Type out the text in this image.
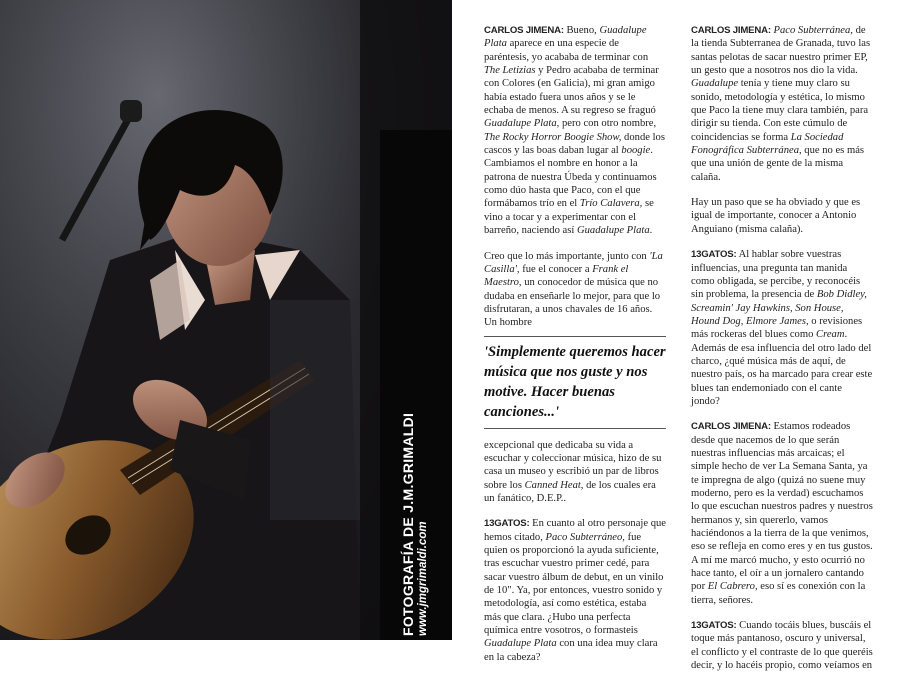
FOTOGRAFÍA DE J.M.GRIMALDI www.jmgrimaldi.com

CARLOS JIMENA: Bueno, Guadalupe Plata aparece en una especie de paréntesis, yo acababa de terminar con The Letizias y Pedro acababa de terminar con Colores (en Galicia), mi gran amigo había estado fuera unos años y se le echaba de menos. A su regreso se fraguó Guadalupe Plata, pero con otro nombre, The Rocky Horror Boogie Show, donde los cascos y las boas daban lugar al boogie. Cambiamos el nombre en honor a la patrona de nuestra Úbeda y continuamos como dúo hasta que Paco, con el que formábamos trío en el Trío Calavera, se vino a tocar y a experimentar con el barreño, naciendo así Guadalupe Plata.

Creo que lo más importante, junto con 'La Casilla', fue el conocer a Frank el Maestro, un conocedor de música que no dudaba en enseñarle lo mejor, para que lo disfrutaran, a unos chavales de 16 años. Un hombre

'Simplemente queremos hacer música que nos guste y nos motive. Hacer buenas canciones...'

excepcional que dedicaba su vida a escuchar y coleccionar música, hizo de su casa un museo y escribió un par de libros sobre los Canned Heat, de los cuales era un fanático, D.E.P..

13GATOS: En cuanto al otro personaje que hemos citado, Paco Subterráneo, fue quien os proporcionó la ayuda suficiente, tras escuchar vuestro primer cedé, para sacar vuestro álbum de debut, en un vinilo de 10". Ya, por entonces, vuestro sonido y metodología, así como estética, estaba más que clara. ¿Hubo una perfecta química entre vosotros, o formasteis Guadalupe Plata con una idea muy clara en la cabeza?

CARLOS JIMENA: Paco Subterránea, de la tienda Subterranea de Granada, tuvo las santas pelotas de sacar nuestro primer EP, un gesto que a nosotros nos dio la vida. Guadalupe tenía y tiene muy claro su sonido, metodología y estética, lo mismo que Paco la tiene muy clara también, para dirigir su tienda. Con este cúmulo de coincidencias se forma La Sociedad Fonográfica Subterránea, que no es más que una unión de gente de la misma calaña.

Hay un paso que se ha obviado y que es igual de importante, conocer a Antonio Anguiano (misma calaña).

13GATOS: Al hablar sobre vuestras influencias, una pregunta tan manida como obligada, se percibe, y reconocéis sin problema, la presencia de Bob Didley, Screamin' Jay Hawkins, Son House, Hound Dog, Elmore James, o revisiones más rockeras del blues como Cream. Además de esa influencia del otro lado del charco, ¿qué música más de aquí, de nuestro país, os ha marcado para crear este blues tan endemoniado con el cante jondo?

CARLOS JIMENA: Estamos rodeados desde que nacemos de lo que serán nuestras influencias más arcaicas; el simple hecho de ver La Semana Santa, ya te impregna de algo (quizá no suene muy moderno, pero es la verdad) escuchamos lo que escuchan nuestros padres y nuestros hermanos y, sin quererlo, vamos haciéndonos a la tierra de la que venimos, eso se refleja en como eres y en tus gustos. A mí me marcó mucho, y esto ocurrió no hace tanto, el oír a un jornalero cantando por El Cabrero, eso sí es conexión con la tierra, señores.

13GATOS: Cuando tocáis blues, buscáis el toque más pantanoso, oscuro y universal, el conflicto y el contraste de lo que queréis decir, y lo hacéis propio, como veíamos en
